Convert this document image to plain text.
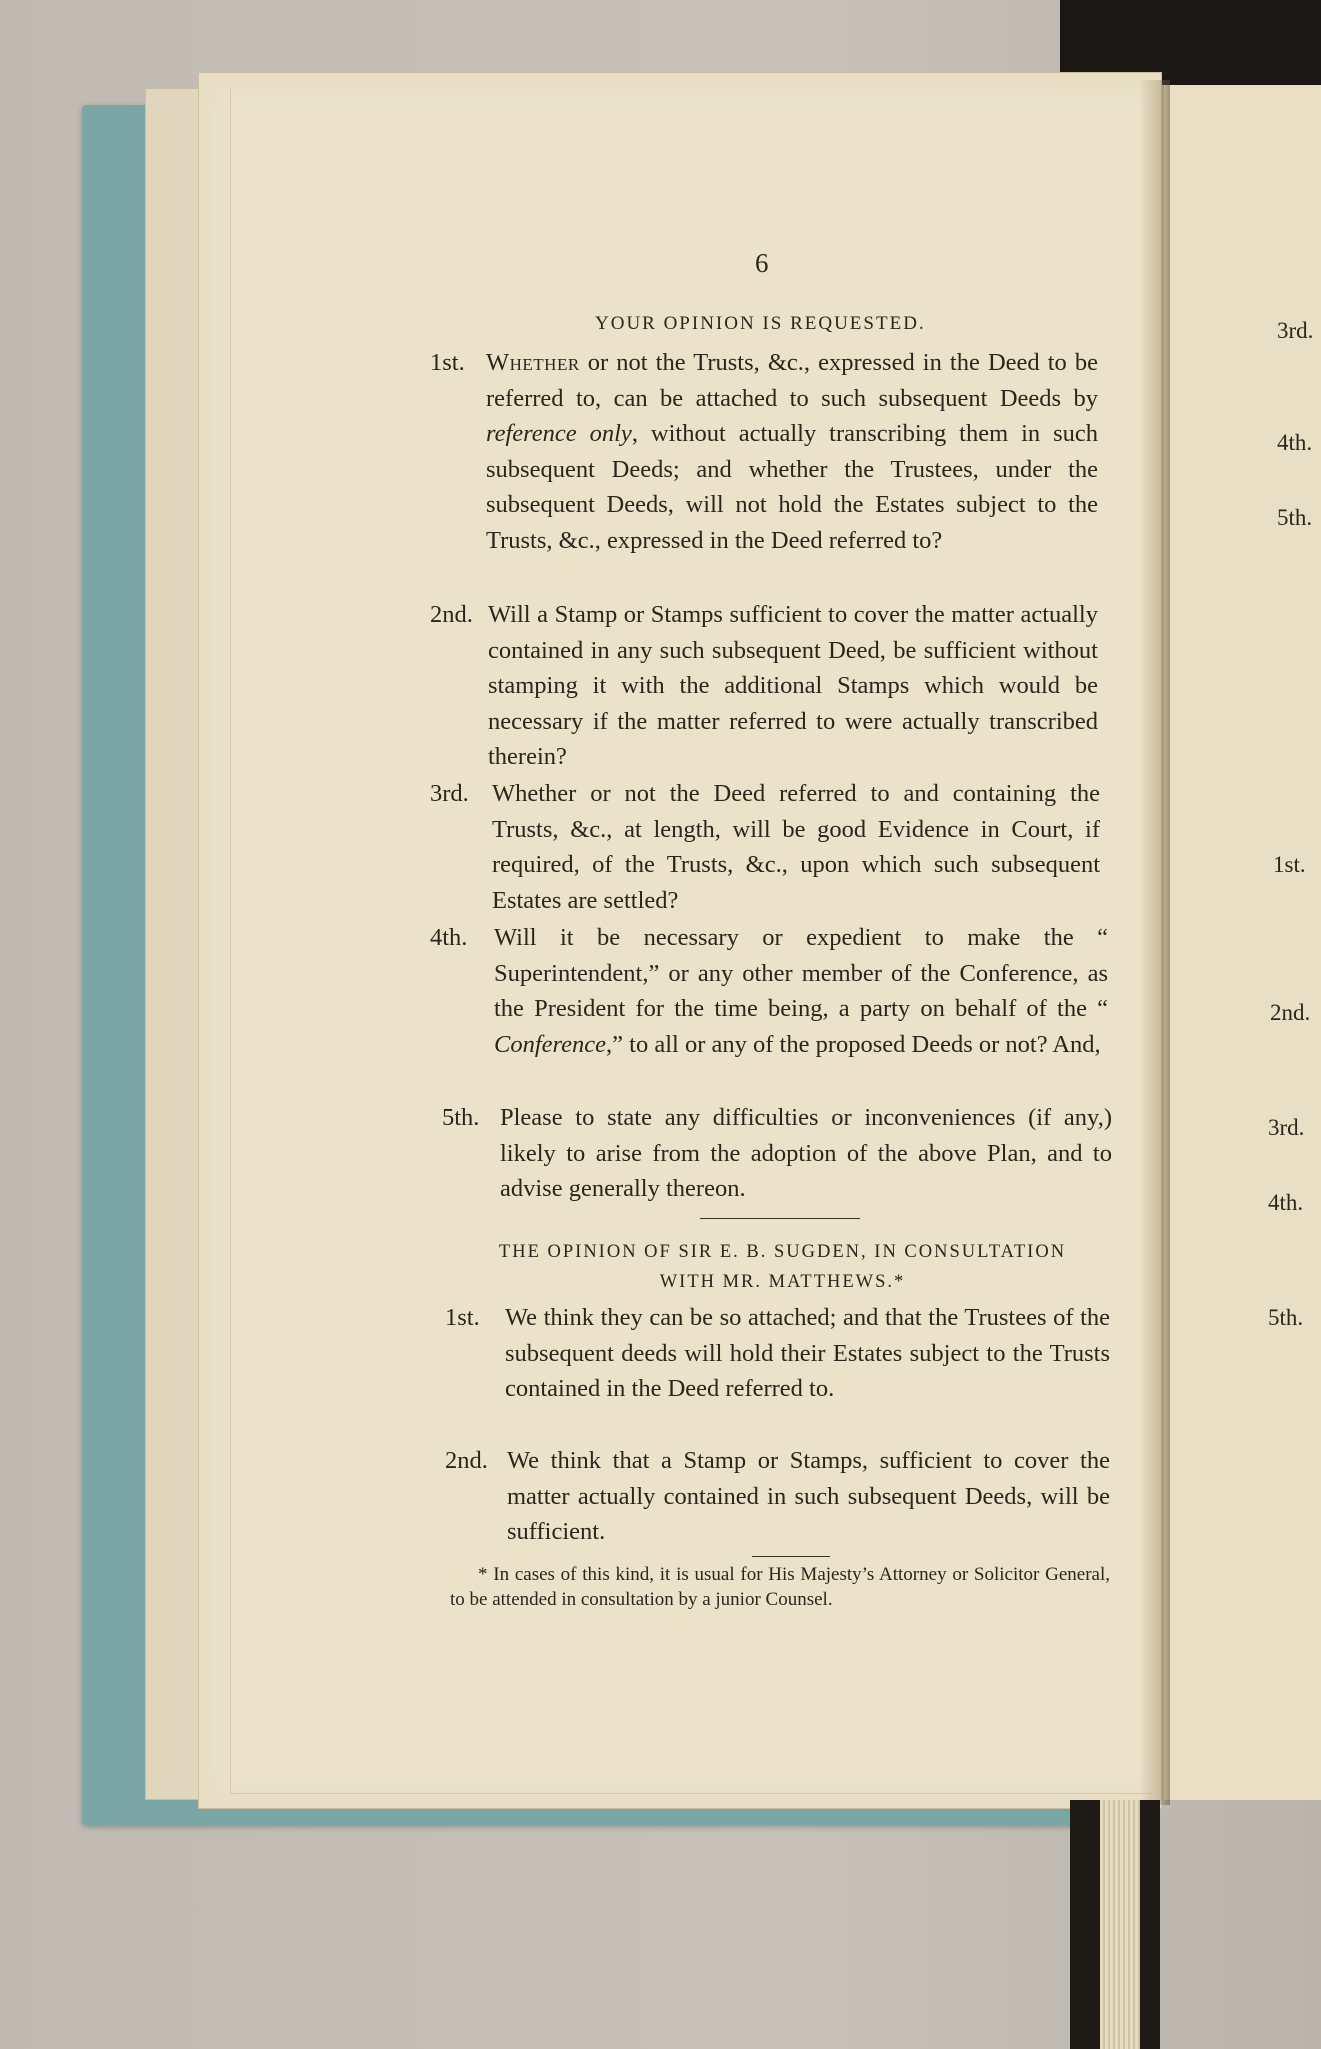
6
YOUR OPINION IS REQUESTED.
1st. Whether or not the Trusts, &c., expressed in the Deed to be referred to, can be attached to such subsequent Deeds by reference only, without actually transcribing them in such subsequent Deeds; and whether the Trustees, under the subsequent Deeds, will not hold the Estates subject to the Trusts, &c., expressed in the Deed referred to?
2nd. Will a Stamp or Stamps sufficient to cover the matter actually contained in any such subsequent Deed, be sufficient without stamping it with the additional Stamps which would be necessary if the matter referred to were actually transcribed therein?
3rd. Whether or not the Deed referred to and containing the Trusts, &c., at length, will be good Evidence in Court, if required, of the Trusts, &c., upon which such subsequent Estates are settled?
4th.	Will it be necessary or expedient to make the “ Superintendent,” or any other member of the Conference, as the President for the time being, a party on behalf of the “ Conference,” to all or any of the proposed Deeds or not? And,
5th. Please to state any difficulties or inconveniences (if any,) likely to arise from the adoption of the above Plan, and to advise generally thereon.
THE OPINION OF SIR E. B. SUGDEN, IN CONSULTATION
WITH MR. MATTHEWS.*
1st.	We think they can be so attached; and that the Trustees of the subsequent deeds will hold their Estates subject to the Trusts contained in the Deed referred to.
2nd. We think that a Stamp or Stamps, sufficient to cover the matter actually contained in such subsequent Deeds, will be sufficient.
* In cases of this kind, it is usual for His Majesty’s Attorney or Solicitor General, to be attended in consultation by a junior Counsel.
3rd.
4th.
5th.
1st.
2nd.
3rd.
4th.
5th.
